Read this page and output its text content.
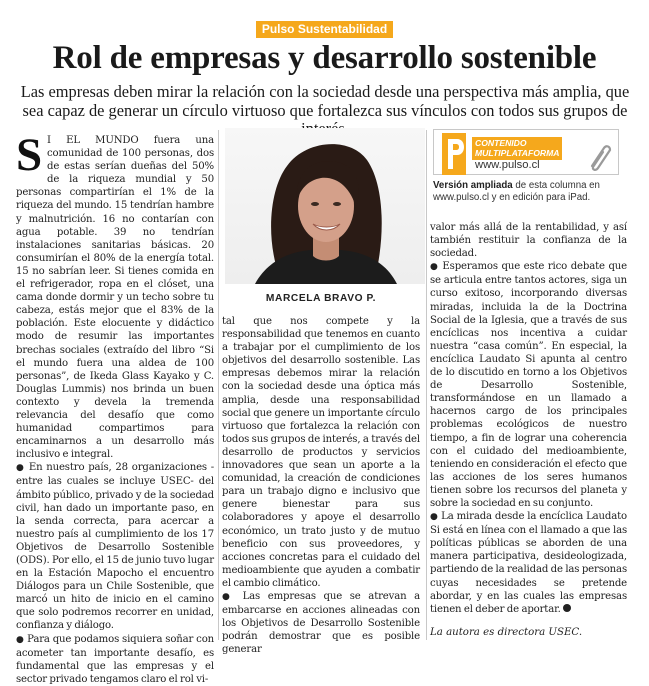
Pulso Sustentabilidad
Rol de empresas y desarrollo sostenible

Las empresas deben mirar la relación con la sociedad desde una perspectiva más amplia, que sea capaz de generar un círculo virtuoso que fortalezca sus vínculos con todos sus grupos de

S I EL MUNDO fuera una comunidad de 100 personas, dos de estas serían dueñas del 50% de la riqueza mundial y 50 personas compartirían el 1% de la riqueza del mundo. 15 tendrían hambre y malnutrición. 16 no contarían con agua potable. 39 no tendrían instalaciones sanitarias básicas. 20 consumirían el 80% de la energía total. 15 no sabrían leer. Si tienes comida en el refrigerador, ropa en el clóset, una cama donde dormir y un techo sobre tu cabeza, estás mejor que el 83% de la población. Este elocuente y didáctico modo de resumir las importantes brechas sociales (extraído del libro “Si el mundo fuera una aldea de 100 personas”, de Ikeda Glass Kayako y C. Douglas Lummis) nos brinda un buen contexto y devela la tremenda relevancia del desafío que como humanidad compartimos para encaminarnos a un desarrollo más inclusivo e integral.

● En nuestro país, 28 organizaciones -entre las cuales se incluye USEC- del ámbito público, privado y de la sociedad civil, han dado un importante paso, en la senda correcta, para acercar a nuestro país al cumplimiento de los 17 Objetivos de Desarrollo Sostenible (ODS). Por ello, el 15 de junio tuvo lugar en la Estación Mapocho el encuentro Diálogos para un Chile Sostenible, que marcó un hito de inicio en el camino que solo podremos recorrer en unidad, confianza y diálogo.

● Para que podamos siquiera soñar con acometer tan importante desafío, es fundamental que las empresas y el sector privado tengamos claro el rol vi-

MARCELA BRAVO P.

tal que nos compete y la responsabilidad que tenemos en cuanto a trabajar por el cumplimiento de los objetivos del desarrollo sostenible. Las empresas debemos mirar la relación con la sociedad desde una óptica más amplia, desde una responsabilidad social que genere un importante círculo virtuoso que fortalezca la relación con todos sus grupos de interés, a través del desarrollo de productos y servicios innovadores que sean un aporte a la comunidad, la creación de condiciones para un trabajo digno e inclusivo que genere bienestar para sus colaboradores y apoye el desarrollo económico, un trato justo y de mutuo beneficio con sus proveedores, y acciones concretas para el cuidado del medioambiente que ayuden a combatir el cambio climático.

● Las empresas que se atrevan a embarcarse en acciones alineadas con los Objetivos de Desarrollo Sostenible podrán demostrar que es posible generar

CONTENIDO
MULTIPLATAFORMA
www.pulso.cl
Versión ampliada de esta columna en www.pulso.cl y en edición para iPad.

valor más allá de la rentabilidad, y así también restituir la confianza de la sociedad.

● Esperamos que este rico debate que se articula entre tantos actores, siga un curso exitoso, incorporando diversas miradas, incluida la de la Doctrina Social de la Iglesia, que a través de sus encíclicas nos incentiva a cuidar nuestra “casa común”. En especial, la encíclica Laudato Si apunta al centro de lo discutido en torno a los Objetivos de Desarrollo Sostenible, transformándose en un llamado a hacernos cargo de los principales problemas ecológicos de nuestro tiempo, a fin de lograr una coherencia con el cuidado del medioambiente, teniendo en consideración el efecto que las acciones de los seres humanos tienen sobre los recursos del planeta y sobre la sociedad en su conjunto.

● La mirada desde la encíclica Laudato Si está en línea con el llamado a que las políticas públicas se aborden de una manera participativa, desideologizada, partiendo de la realidad de las personas cuyas necesidades se pretende abordar, y en las cuales las empresas tienen el deber de aportar.

La autora es directora USEC.
